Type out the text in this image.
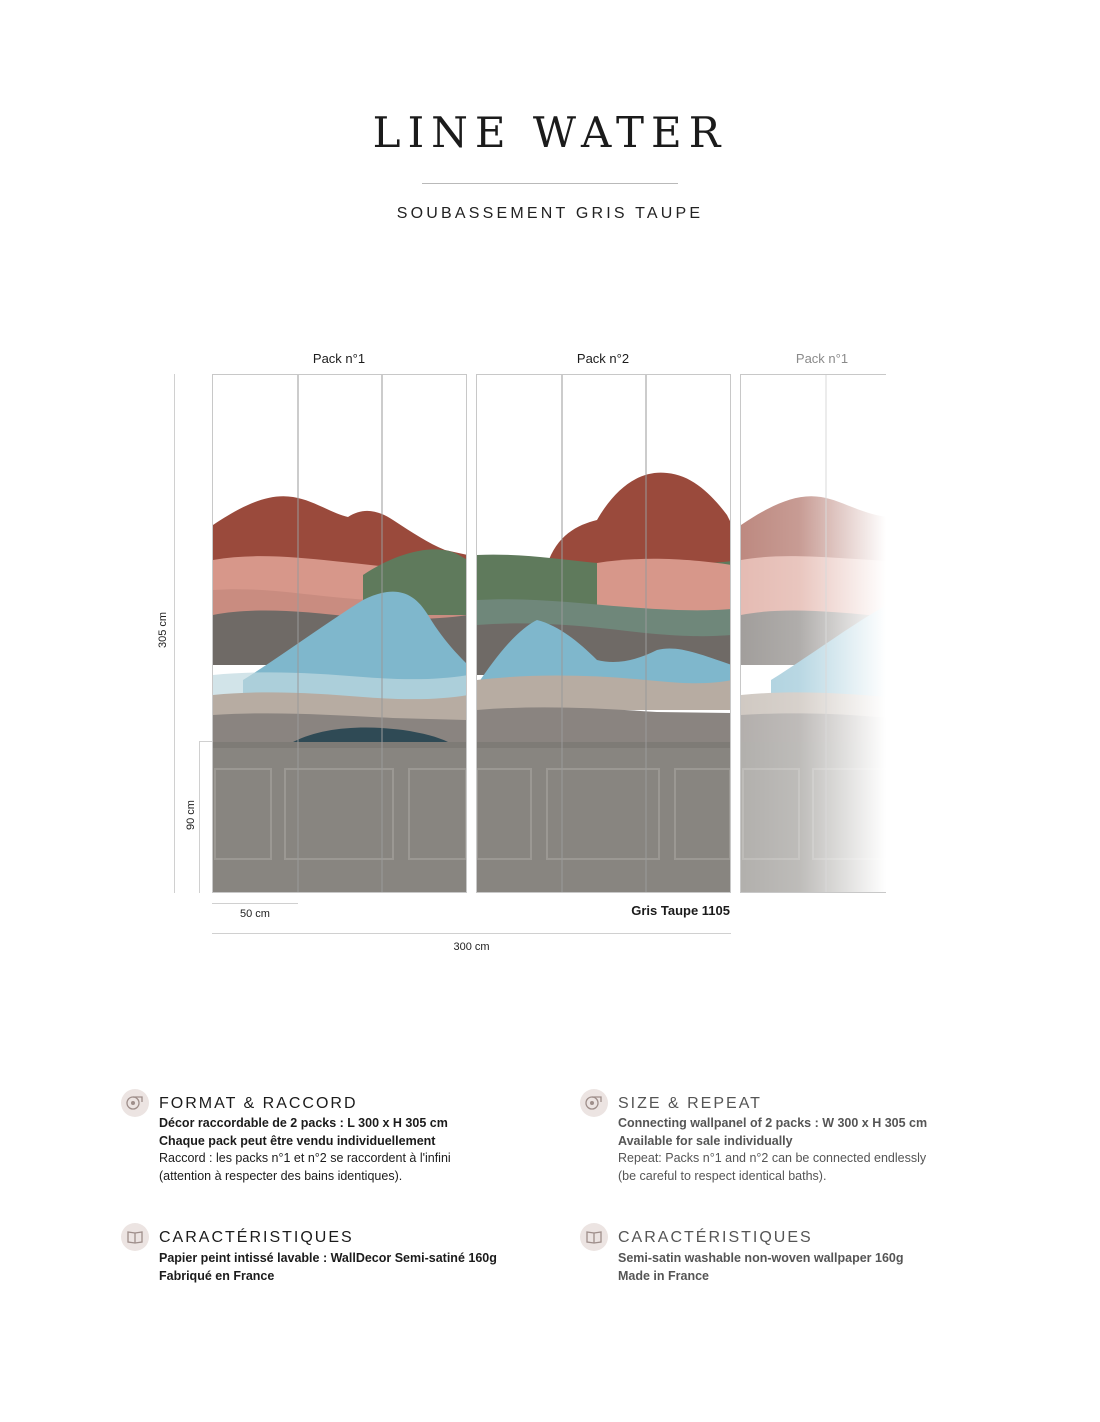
LINE WATER
SOUBASSEMENT GRIS TAUPE
Pack n°1	Pack n°2	Pack n°1
305 cm
90 cm
50 cm	Gris Taupe 1105
300 cm
FORMAT & RACCORD
Décor raccordable de 2 packs : L 300 x H 305 cm
Chaque pack peut être vendu individuellement
Raccord : les packs n°1 et n°2 se raccordent à l'infini
(attention à respecter des bains identiques).
SIZE & REPEAT
Connecting wallpanel of 2 packs : W 300 x H 305 cm
Available for sale individually
Repeat: Packs n°1 and n°2 can be connected endlessly
(be careful to respect identical baths).
CARACTÉRISTIQUES
Papier peint intissé lavable : WallDecor Semi-satiné 160g
Fabriqué en France
CARACTÉRISTIQUES
Semi-satin washable non-woven wallpaper 160g
Made in France
